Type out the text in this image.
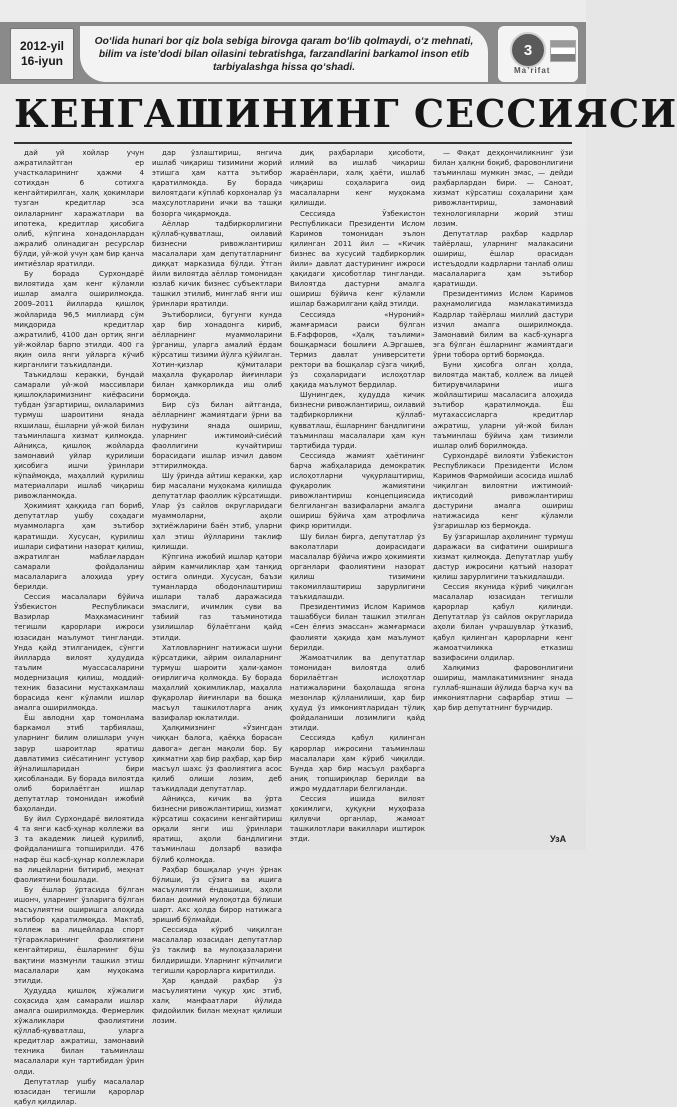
2012-yil
16-iyun
Oo‘lida hunari bor qiz bola sebiga birovga qaram bo‘lib qolmaydi, o‘z mehnati, bilim va iste’dodi bilan oilasini tebratishga, farzandlarini barkamol inson etib tarbiyalashga hissa qo‘shadi.
3
Ma’rifat
КЕНГАШИНИНГ СЕССИЯСИ

дай уй хойлар учун ажратилайтган ер участкаларининг ҳажми 4 сотихдан 6 сотихга кенгайтирилган, халқ ҳокимлари тузган кредитлар эса оилаларнинг харажатлари ва ипотека, кредитлар ҳисобига олиб, кўпгина хонадонлардан ажралиб олинадиган ресурслар бўлди, уй-жой учун ҳам бир қанча имтиёзлар яратилди.

Бу борада Сурхондарё вилоятида ҳам кенг кўламли ишлар амалга оширилмоқда. 2009–2011 йилларда қишлоқ жойларида 96,5 миллиард сўм миқдорида кредитлар ажратилиб, 4100 дан ортиқ янги уй-жойлар барпо этилди. 400 га яқин оила янги уйларга кўчиб кирганлиги таъкидланди.

Таъкидлаш керакки, бундай самарали уй-жой массивлари қишлоқларимизнинг киёфасини тубдан ўзгартириш, оилаларимиз турмуш шароитини янада яхшилаш, ёшларни уй-жой билан таъминлашга хизмат қилмоқда. Айниқса, қишлоқ жойларда замонавий уйлар қурилиши ҳисобига ишчи ўринлари кўпаймоқда, маҳаллий қурилиш материаллари ишлаб чиқариш ривожланмоқда.

Ҳокимият ҳаққида гап бориб, депутатлар ушбу соҳадаги муаммоларга ҳам эътибор қаратишди. Хусусан, қурилиш ишлари сифатини назорат қилиш, ажратилган маблағлардан самарали фойдаланиш масалаларига алоҳида урғу берилди.

Сессия масалалари бўйича Ўзбекистон Республикаси Вазирлар Маҳкамасининг тегишли қарорлари ижроси юзасидан маълумот тингланди. Унда қайд этилганидек, сўнгги йилларда вилоят ҳудудида таълим муассасаларини модернизация қилиш, моддий-техник базасини мустаҳкамлаш борасида кенг кўламли ишлар амалга оширилмоқда.

Ёш авлодни ҳар томонлама баркамол этиб тарбиялаш, уларнинг билим олишлари учун зарур шароитлар яратиш давлатимиз сиёсатининг устувор йўналишларидан бири ҳисобланади. Бу борада вилоятда олиб борилаётган ишлар депутатлар томонидан ижобий баҳоланди.

Бу йил Сурхондарё вилоятида 4 та янги касб-ҳунар коллежи ва 3 та академик лицей қурилиб, фойдаланишга топширилди. 476 нафар ёш касб-ҳунар коллежлари ва лицейларни битириб, меҳнат фаолиятини бошлади.

Бу ёшлар ўртасида бўлган ишонч, уларнинг ўзларига бўлган масъулиятни оширишга алоҳида эътибор қаратилмоқда. Мактаб, коллеж ва лицейларда спорт тўгаракларининг фаолиятини кенгайтириш, ёшларнинг бўш вақтини мазмунли ташкил этиш масалалари ҳам муҳокама этилди.

Ҳудудда қишлоқ хўжалиги соҳасида ҳам самарали ишлар амалга оширилмоқда. Фермерлик хўжаликлари фаолиятини қўллаб-қувватлаш, уларга кредитлар ажратиш, замонавий техника билан таъминлаш масалалари кун тартибидан ўрин олди.

Депутатлар ушбу масалалар юзасидан тегишли қарорлар қабул қилдилар.

дар ўзлаштириш, янгича ишлаб чиқариш тизимини жорий этишга ҳам катта эътибор қаратилмоқда. Бу борада вилоятдаги кўплаб корхоналар ўз маҳсулотларини ички ва ташқи бозорга чиқармоқда.

Аёллар тадбиркорлигини қўллаб-қувватлаш, оилавий бизнесни ривожлантириш масалалари ҳам депутатларнинг диққат марказида бўлди. Ўтган йили вилоятда аёллар томонидан юзлаб кичик бизнес субъектлари ташкил этилиб, минглаб янги иш ўринлари яратилди.

Эътиборлиси, бугунги кунда ҳар бир хонадонга кириб, аёлларнинг муаммоларини ўрганиш, уларга амалий ёрдам кўрсатиш тизими йўлга қўйилган. Хотин-қизлар қўмиталари маҳалла фуқаролар йиғинлари билан ҳамкорликда иш олиб бормоқда.

Бир сўз билан айтганда, аёлларнинг жамиятдаги ўрни ва нуфузини янада ошириш, уларнинг ижтимоий-сиёсий фаоллигини кучайтириш борасидаги ишлар изчил давом эттирилмоқда.

Шу ўринда айтиш керакки, ҳар бир масалани муҳокама қилишда депутатлар фаоллик кўрсатишди. Улар ўз сайлов округларидаги муаммоларни, аҳоли эҳтиёжларини баён этиб, уларни ҳал этиш йўлларини таклиф қилишди.

Кўпгина ижобий ишлар қатори айрим камчиликлар ҳам танқид остига олинди. Хусусан, баъзи туманларда ободонлаштириш ишлари талаб даражасида эмаслиги, ичимлик суви ва табиий газ таъминотида узилишлар бўлаётгани қайд этилди.

Хатловларнинг натижаси шуни кўрсатдики, айрим оилаларнинг турмуш шароити ҳали-ҳамон оғирлигича қолмоқда. Бу борада маҳаллий ҳокимликлар, маҳалла фуқаролар йиғинлари ва бошқа масъул ташкилотларга аниқ вазифалар юклатилди.

Ҳалқимизнинг «Ўзингдан чиққан балога, қаёққа борасан давога» деган мақоли бор. Бу ҳикматни ҳар бир раҳбар, ҳар бир масъул шахс ўз фаолиятига асос қилиб олиши лозим, деб таъкидлади депутатлар.

Айниқса, кичик ва ўрта бизнесни ривожлантириш, хизмат кўрсатиш соҳасини кенгайтириш орқали янги иш ўринлари яратиш, аҳоли бандлигини таъминлаш долзарб вазифа бўлиб қолмоқда.

Раҳбар бошқалар учун ўрнак бўлиши, ўз сўзига ва ишига масъулиятли ёндашиши, аҳоли билан доимий мулоқотда бўлиши шарт. Акс ҳолда бирор натижага эришиб бўлмайди.

Сессияда кўриб чиқилган масалалар юзасидан депутатлар ўз таклиф ва мулоҳазаларини билдиришди. Уларнинг кўпчилиги тегишли қарорларга киритилди.

Ҳар қандай раҳбар ўз масъулиятини чуқур ҳис этиб, халқ манфаатлари йўлида фидойилик билан меҳнат қилиши лозим.

диқ раҳбарлари ҳисоботи, илмий ва ишлаб чиқариш жараёнлари, халқ ҳаёти, ишлаб чиқариш соҳаларига оид масалаларни кенг муҳокама қилишди.

Сессияда Ўзбекистон Республикаси Президенти Ислом Каримов томонидан эълон қилинган 2011 йил — «Кичик бизнес ва хусусий тадбиркорлик йили» давлат дастурининг ижроси ҳақидаги ҳисоботлар тингланди. Вилоятда дастурни амалга ошириш бўйича кенг кўламли ишлар бажарилгани қайд этилди.

Сессияда «Нуроний» жамғармаси раиси бўлган Б.Ғаффоров, «Ҳалқ таълими» бошқармаси бошлиғи А.Эргашев, Термиз давлат университети ректори ва бошқалар сўзга чиқиб, ўз соҳаларидаги ислоҳотлар ҳақида маълумот бердилар.

Шунингдек, ҳудудда кичик бизнесни ривожлантириш, оилавий тадбиркорликни қўллаб-қувватлаш, ёшларнинг бандлигини таъминлаш масалалари ҳам кун тартибида турди.

Сессияда жамият ҳаётининг барча жабҳаларида демократик ислоҳотларни чуқурлаштириш, фуқаролик жамиятини ривожлантириш концепциясида белгиланган вазифаларни амалга ошириш бўйича ҳам атрофлича фикр юритилди.

Шу билан бирга, депутатлар ўз ваколатлари доирасидаги масалалар бўйича ижро ҳокимияти органлари фаолиятини назорат қилиш тизимини такомиллаштириш зарурлигини таъкидлашди.

Президентимиз Ислом Каримов ташаббуси билан ташкил этилган «Сен ёлғиз эмассан» жамғармаси фаолияти ҳақида ҳам маълумот берилди.

Жамоатчилик ва депутатлар томонидан вилоятда олиб борилаётган ислоҳотлар натижаларини баҳолашда ягона мезонлар қўлланилиши, ҳар бир ҳудуд ўз имкониятларидан тўлиқ фойдаланиши лозимлиги қайд этилди.

Сессияда қабул қилинган қарорлар ижросини таъминлаш масалалари ҳам кўриб чиқилди. Бунда ҳар бир масъул раҳбарга аниқ топшириқлар берилди ва ижро муддатлари белгиланди.

Сессия ишида вилоят ҳокимлиги, ҳуқуқни муҳофаза қилувчи органлар, жамоат ташкилотлари вакиллари иштирок этди.

— Фақат деҳқончиликнинг ўзи билан ҳалқни боқиб, фаровонлигини таъминлаш мумкин эмас, — дейди раҳбарлардан бири. — Саноат, хизмат кўрсатиш соҳаларини ҳам ривожлантириш, замонавий технологияларни жорий этиш лозим.

Депутатлар раҳбар кадрлар тайёрлаш, уларнинг малакасини ошириш, ёшлар орасидан истеъдодли кадрларни танлаб олиш масалаларига ҳам эътибор қаратишди.

Президентимиз Ислом Каримов раҳнамолигида мамлакатимизда Кадрлар тайёрлаш миллий дастури изчил амалга оширилмоқда. Замонавий билим ва касб-ҳунарга эга бўлган ёшларнинг жамиятдаги ўрни тобора ортиб бормоқда.

Буни ҳисобга олган ҳолда, вилоятда мактаб, коллеж ва лицей битирувчиларини ишга жойлаштириш масаласига алоҳида эътибор қаратилмоқда. Ёш мутахассисларга кредитлар ажратиш, уларни уй-жой билан таъминлаш бўйича ҳам тизимли ишлар олиб борилмоқда.

Сурхондарё вилояти Ўзбекистон Республикаси Президенти Ислом Каримов Фармойиши асосида ишлаб чиқилган вилоятни ижтимоий-иқтисодий ривожлантириш дастурини амалга ошириш натижасида кенг кўламли ўзгаришлар юз бермоқда.

Бу ўзгаришлар аҳолининг турмуш даражаси ва сифатини оширишга хизмат қилмоқда. Депутатлар ушбу дастур ижросини қатъий назорат қилиш зарурлигини таъкидлашди.

Сессия якунида кўриб чиқилган масалалар юзасидан тегишли қарорлар қабул қилинди. Депутатлар ўз сайлов округларида аҳоли билан учрашувлар ўтказиб, қабул қилинган қарорларни кенг жамоатчиликка етказиш вазифасини олдилар.

Халқимиз фаровонлигини ошириш, мамлакатимизнинг янада гуллаб-яшнаши йўлида барча куч ва имкониятларни сафарбар этиш — ҳар бир депутатнинг бурчидир.

УзА
